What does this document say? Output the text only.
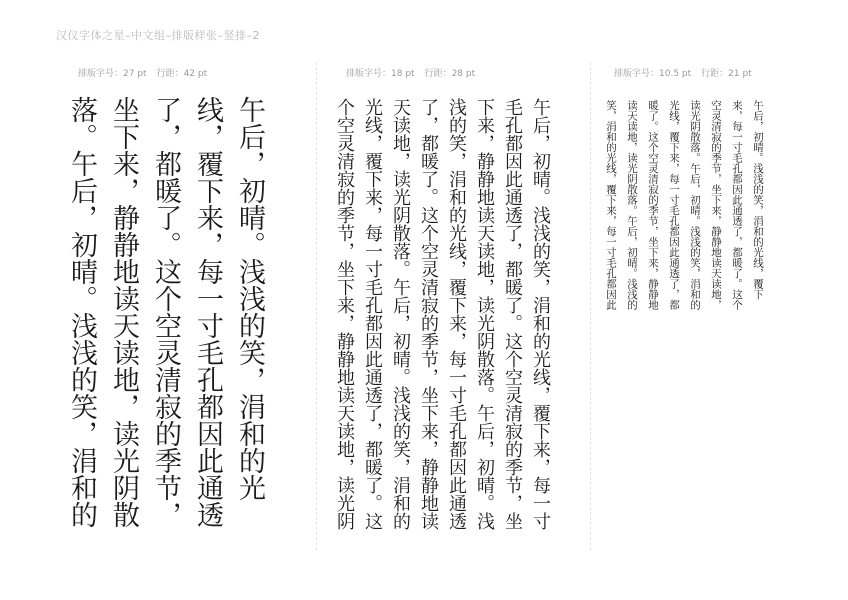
汉仪字体之星–中文组–排版样张–竖排–2
排版字号：27 pt 行距：42 pt
午后，初晴。浅浅的笑，涓和的光线，覆下来，每一寸毛孔都因此通透了，都暖了。这个空灵清寂的季节，坐下来，静静地读天读地，读光阴散落。午后，初晴。浅浅的笑，涓和的
排版字号：18 pt 行距：28 pt
午后，初晴。浅浅的笑，涓和的光线，覆下来，每一寸毛孔都因此通透了，都暖了。这个空灵清寂的季节，坐下来，静静地读天读地，读光阴散落。午后，初晴。浅浅的笑，涓和的光线，覆下来，每一寸毛孔都因此通透了，都暖了。这个空灵清寂的季节，坐下来，静静地读天读地，读光阴散落。午后，初晴。浅浅的笑，涓和的光线，覆下来，每一寸毛孔都因此通透了，都暖了。这个空灵清寂的季节，坐下来，静静地读天读地，读光阴
排版字号：10.5 pt 行距：21 pt
午后，初晴。浅浅的笑，涓和的光线，覆下来，每一寸毛孔都因此通透了，都暖了。这个空灵清寂的季节，坐下来，静静地读天读地，读光阴散落。午后，初晴。浅浅的笑，涓和的光线，覆下来，每一寸毛孔都因此通透了，都暖了。这个空灵清寂的季节，坐下来，静静地读天读地，读光阴散落。午后，初晴。浅浅的笑，涓和的光线，覆下来，每一寸毛孔都因此
